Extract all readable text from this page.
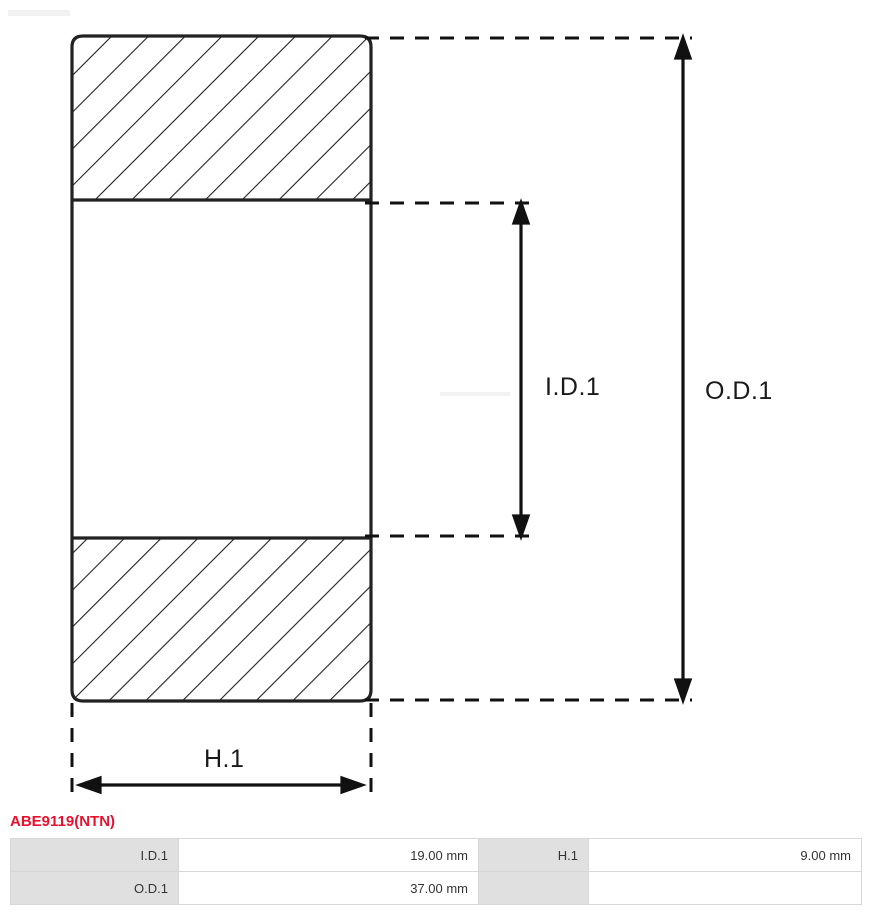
I.D.1	O.D.1
H.1
ABE9119(NTN)
I.D.1	19.00 mm	H.1	9.00 mm
O.D.1	37.00 mm		
